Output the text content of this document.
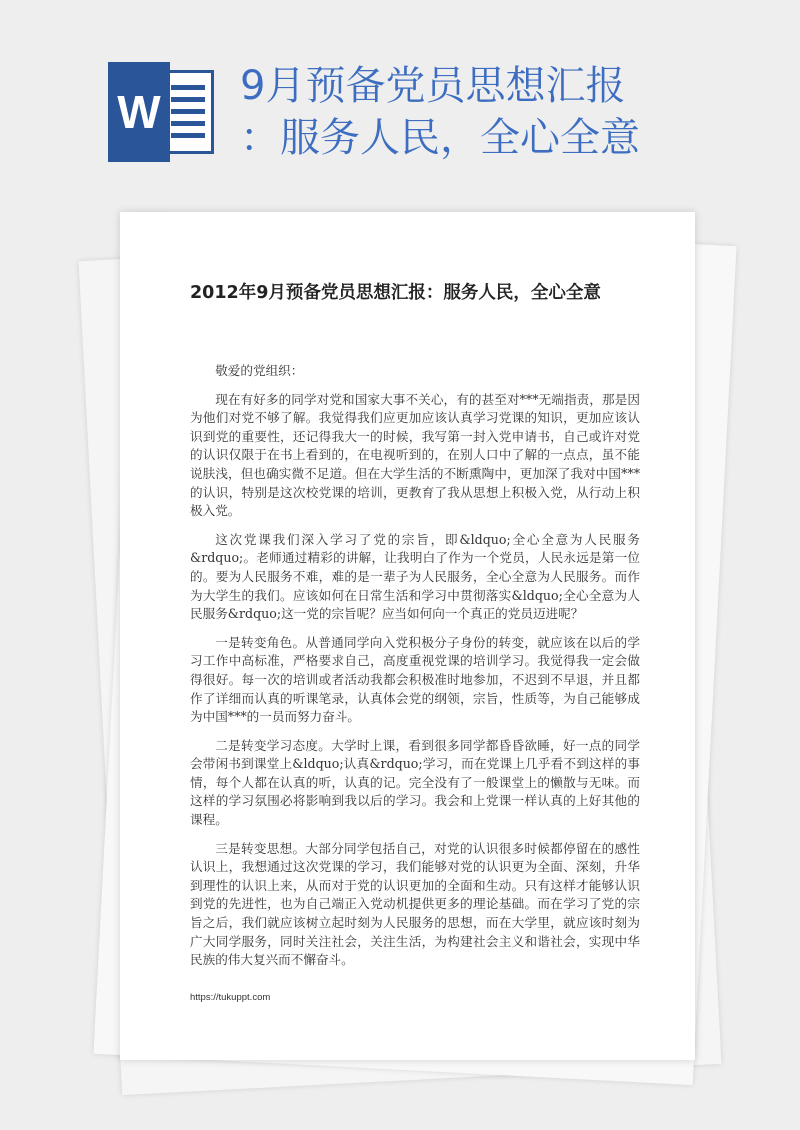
W 9月预备党员思想汇报
：服务人民，全心全意
2012年9月预备党员思想汇报：服务人民，全心全意

敬爱的党组织：

现在有好多的同学对党和国家大事不关心，有的甚至对***无端指责，那是因为他们对党不够了解。我觉得我们应更加应该认真学习党课的知识，更加应该认识到党的重要性，还记得我大一的时候，我写第一封入党申请书，自己或许对党的认识仅限于在书上看到的，在电视听到的，在别人口中了解的一点点，虽不能说肤浅，但也确实微不足道。但在大学生活的不断熏陶中，更加深了我对中国***的认识，特别是这次校党课的培训，更教育了我从思想上积极入党，从行动上积极入党。

这次党课我们深入学习了党的宗旨，即&ldquo;全心全意为人民服务&rdquo;。老师通过精彩的讲解，让我明白了作为一个党员，人民永远是第一位的。要为人民服务不难，难的是一辈子为人民服务，全心全意为人民服务。而作为大学生的我们。应该如何在日常生活和学习中贯彻落实&ldquo;全心全意为人民服务&rdquo;这一党的宗旨呢？应当如何向一个真正的党员迈进呢？

一是转变角色。从普通同学向入党积极分子身份的转变，就应该在以后的学习工作中高标准，严格要求自己，高度重视党课的培训学习。我觉得我一定会做得很好。每一次的培训或者活动我都会积极准时地参加，不迟到不早退，并且都作了详细而认真的听课笔录，认真体会党的纲领，宗旨，性质等，为自己能够成为中国***的一员而努力奋斗。

二是转变学习态度。大学时上课，看到很多同学都昏昏欲睡，好一点的同学会带闲书到课堂上&ldquo;认真&rdquo;学习，而在党课上几乎看不到这样的事情，每个人都在认真的听，认真的记。完全没有了一般课堂上的懒散与无味。而这样的学习氛围必将影响到我以后的学习。我会和上党课一样认真的上好其他的课程。

三是转变思想。大部分同学包括自己，对党的认识很多时候都停留在的感性认识上，我想通过这次党课的学习，我们能够对党的认识更为全面、深刻，升华到理性的认识上来，从而对于党的认识更加的全面和生动。只有这样才能够认识到党的先进性，也为自己端正入党动机提供更多的理论基础。而在学习了党的宗旨之后，我们就应该树立起时刻为人民服务的思想，而在大学里，就应该时刻为广大同学服务，同时关注社会，关注生活，为构建社会主义和谐社会，实现中华民族的伟大复兴而不懈奋斗。

https://tukuppt.com
